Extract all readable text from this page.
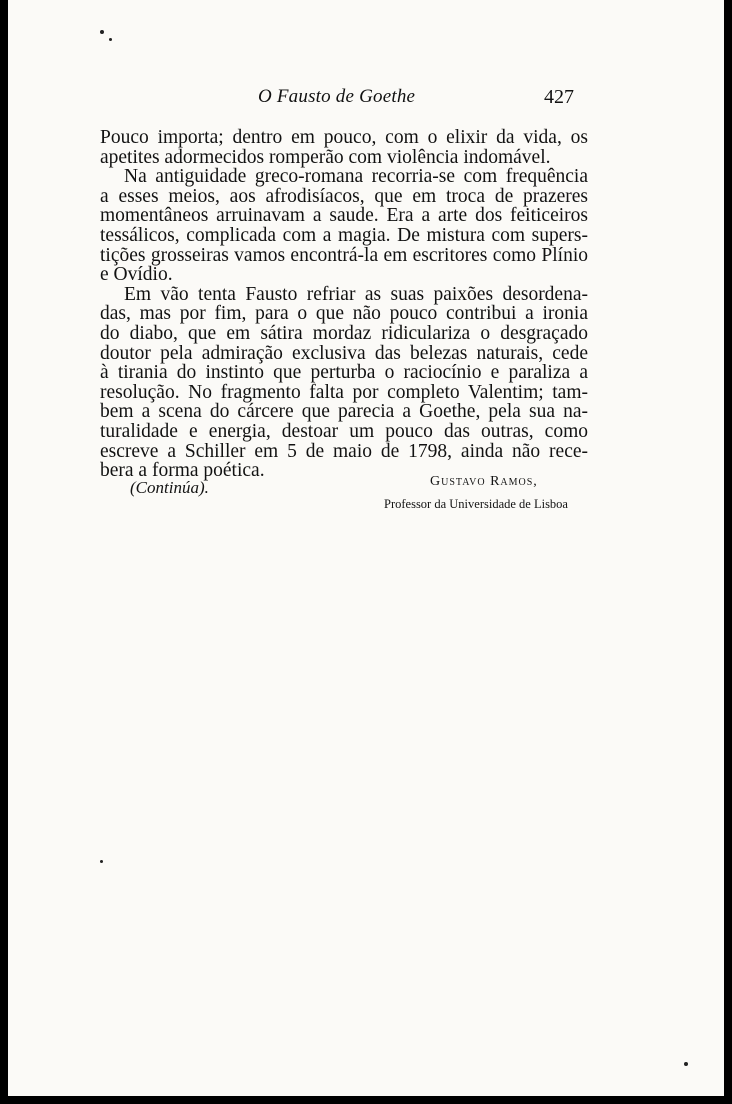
O Fausto de Goethe	427
Pouco importa; dentro em pouco, com o elixir da vida, os
apetites adormecidos romperão com violência indomável.
Na antiguidade greco-romana recorria-se com frequência
a esses meios, aos afrodisíacos, que em troca de prazeres
momentâneos arruinavam a saude. Era a arte dos feiticeiros
tessálicos, complicada com a magia. De mistura com supers-
tições grosseiras vamos encontrá-la em escritores como Plínio
e Ovídio.
Em vão tenta Fausto refriar as suas paixões desordena-
das, mas por fim, para o que não pouco contribui a ironia
do diabo, que em sátira mordaz ridiculariza o desgraçado
doutor pela admiração exclusiva das belezas naturais, cede
à tirania do instinto que perturba o raciocínio e paraliza a
resolução. No fragmento falta por completo Valentim; tam-
bem a scena do cárcere que parecia a Goethe, pela sua na-
turalidade e energia, destoar um pouco das outras, como
escreve a Schiller em 5 de maio de 1798, ainda não rece-
bera a forma poética.
(Continúa).	Gustavo Ramos,
Professor da Universidade de Lisboa
